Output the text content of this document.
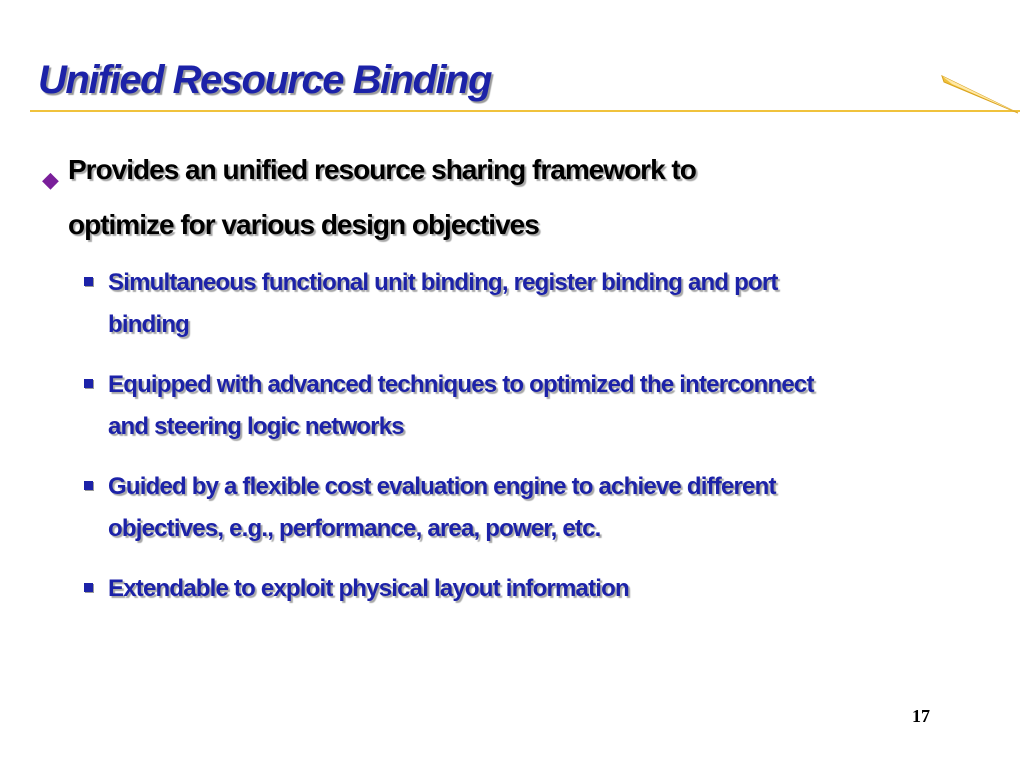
Unified Resource Binding
◆ Provides an unified resource sharing framework to
optimize for various design objectives
Simultaneous functional unit binding, register binding and port
binding
Equipped with advanced techniques to optimized the interconnect
and steering logic networks
Guided by a flexible cost evaluation engine to achieve different
objectives, e.g., performance, area, power, etc.
Extendable to exploit physical layout information
17
